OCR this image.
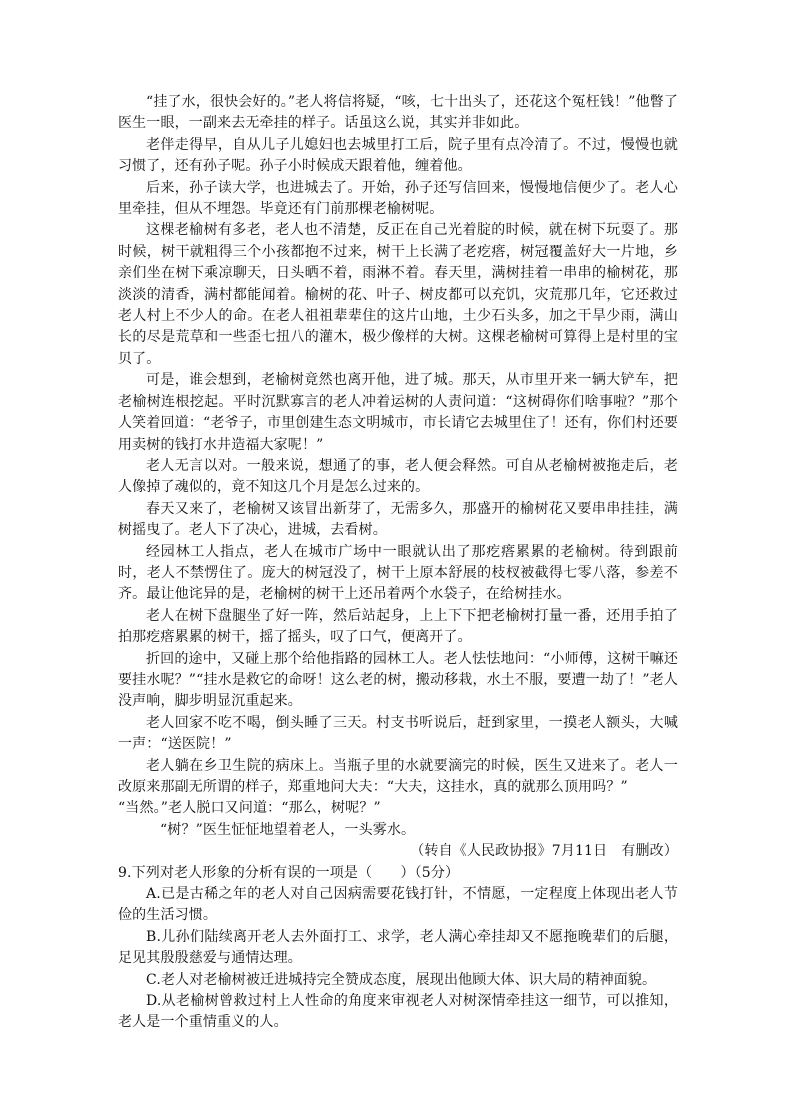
“挂了水，很快会好的。”老人将信将疑，“咳，七十出头了，还花这个冤枉钱！”他瞥了医生一眼，一副来去无牵挂的样子。话虽这么说，其实并非如此。

老伴走得早，自从儿子儿媳妇也去城里打工后，院子里有点冷清了。不过，慢慢也就习惯了，还有孙子呢。孙子小时候成天跟着他，缠着他。

后来，孙子读大学，也进城去了。开始，孙子还写信回来，慢慢地信便少了。老人心里牵挂，但从不埋怨。毕竟还有门前那棵老榆树呢。

这棵老榆树有多老，老人也不清楚，反正在自己光着腚的时候，就在树下玩耍了。那时候，树干就粗得三个小孩都抱不过来，树干上长满了老疙瘩，树冠覆盖好大一片地，乡亲们坐在树下乘凉聊天，日头晒不着，雨淋不着。春天里，满树挂着一串串的榆树花，那淡淡的清香，满村都能闻着。榆树的花、叶子、树皮都可以充饥，灾荒那几年，它还救过老人村上不少人的命。在老人祖祖辈辈住的这片山地，土少石头多，加之干旱少雨，满山长的尽是荒草和一些歪七扭八的灌木，极少像样的大树。这棵老榆树可算得上是村里的宝贝了。

可是，谁会想到，老榆树竟然也离开他，进了城。那天，从市里开来一辆大铲车，把老榆树连根挖起。平时沉默寡言的老人冲着运树的人责问道：“这树碍你们啥事啦？”那个人笑着回道：“老爷子，市里创建生态文明城市，市长请它去城里住了！还有，你们村还要用卖树的钱打水井造福大家呢！”

老人无言以对。一般来说，想通了的事，老人便会释然。可自从老榆树被拖走后，老人像掉了魂似的，竟不知这几个月是怎么过来的。

春天又来了，老榆树又该冒出新芽了，无需多久，那盛开的榆树花又要串串挂挂，满树摇曳了。老人下了决心，进城，去看树。

经园林工人指点，老人在城市广场中一眼就认出了那疙瘩累累的老榆树。待到跟前时，老人不禁愣住了。庞大的树冠没了，树干上原本舒展的枝杈被截得七零八落，参差不齐。最让他诧异的是，老榆树的树干上还吊着两个水袋子，在给树挂水。

老人在树下盘腿坐了好一阵，然后站起身，上上下下把老榆树打量一番，还用手拍了拍那疙瘩累累的树干，摇了摇头，叹了口气，便离开了。

折回的途中，又碰上那个给他指路的园林工人。老人怯怯地问：“小师傅，这树干嘛还要挂水呢？”“挂水是救它的命呀！这么老的树，搬动移栽，水土不服，要遭一劫了！”老人没声响，脚步明显沉重起来。

老人回家不吃不喝，倒头睡了三天。村支书听说后，赶到家里，一摸老人额头，大喊一声：“送医院！”

老人躺在乡卫生院的病床上。当瓶子里的水就要滴完的时候，医生又进来了。老人一改原来那副无所谓的样子，郑重地问大夫：“大夫，这挂水，真的就那么顶用吗？”

“当然。”老人脱口又问道：“那么，树呢？”

“树？”医生怔怔地望着老人，一头雾水。

（转自《人民政协报》7月11日　有删改）

9.下列对老人形象的分析有误的一项是（　　）（5分）

A.已是古稀之年的老人对自己因病需要花钱打针，不情愿，一定程度上体现出老人节俭的生活习惯。

B.儿孙们陆续离开老人去外面打工、求学，老人满心牵挂却又不愿拖晚辈们的后腿，足见其殷殷慈爱与通情达理。

C.老人对老榆树被迁进城持完全赞成态度，展现出他顾大体、识大局的精神面貌。

D.从老榆树曾救过村上人性命的角度来审视老人对树深情牵挂这一细节，可以推知，老人是一个重情重义的人。
